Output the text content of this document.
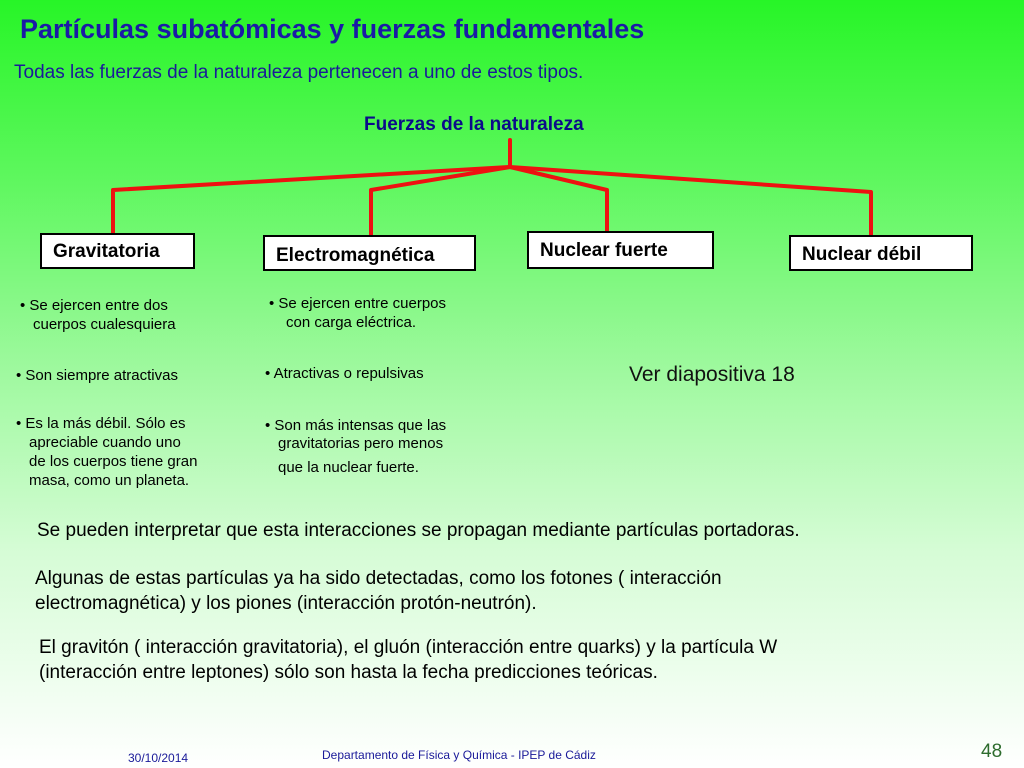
Partículas subatómicas y fuerzas fundamentales
Todas las fuerzas de la naturaleza pertenecen a uno de estos tipos.
Fuerzas de la naturaleza
Gravitatoria	Electromagnética	Nuclear fuerte	Nuclear débil
• Se ejercen entre dos
cuerpos cualesquiera
• Son siempre atractivas
• Es la más débil. Sólo es
apreciable cuando uno
de los cuerpos tiene gran
masa, como un planeta.
• Se ejercen entre cuerpos
con carga eléctrica.
• Atractivas o repulsivas
• Son más intensas que las
gravitatorias pero menos
que la nuclear fuerte.
Ver diapositiva 18
Se pueden interpretar que esta interacciones se propagan mediante partículas portadoras.
Algunas de estas partículas ya ha sido detectadas, como los fotones ( interacción
electromagnética) y los piones (interacción protón-neutrón).
El gravitón ( interacción gravitatoria), el gluón (interacción entre quarks) y la partícula W
(interacción entre leptones) sólo son hasta la fecha predicciones teóricas.
30/10/2014	Departamento de Física y Química - IPEP de Cádiz	48
